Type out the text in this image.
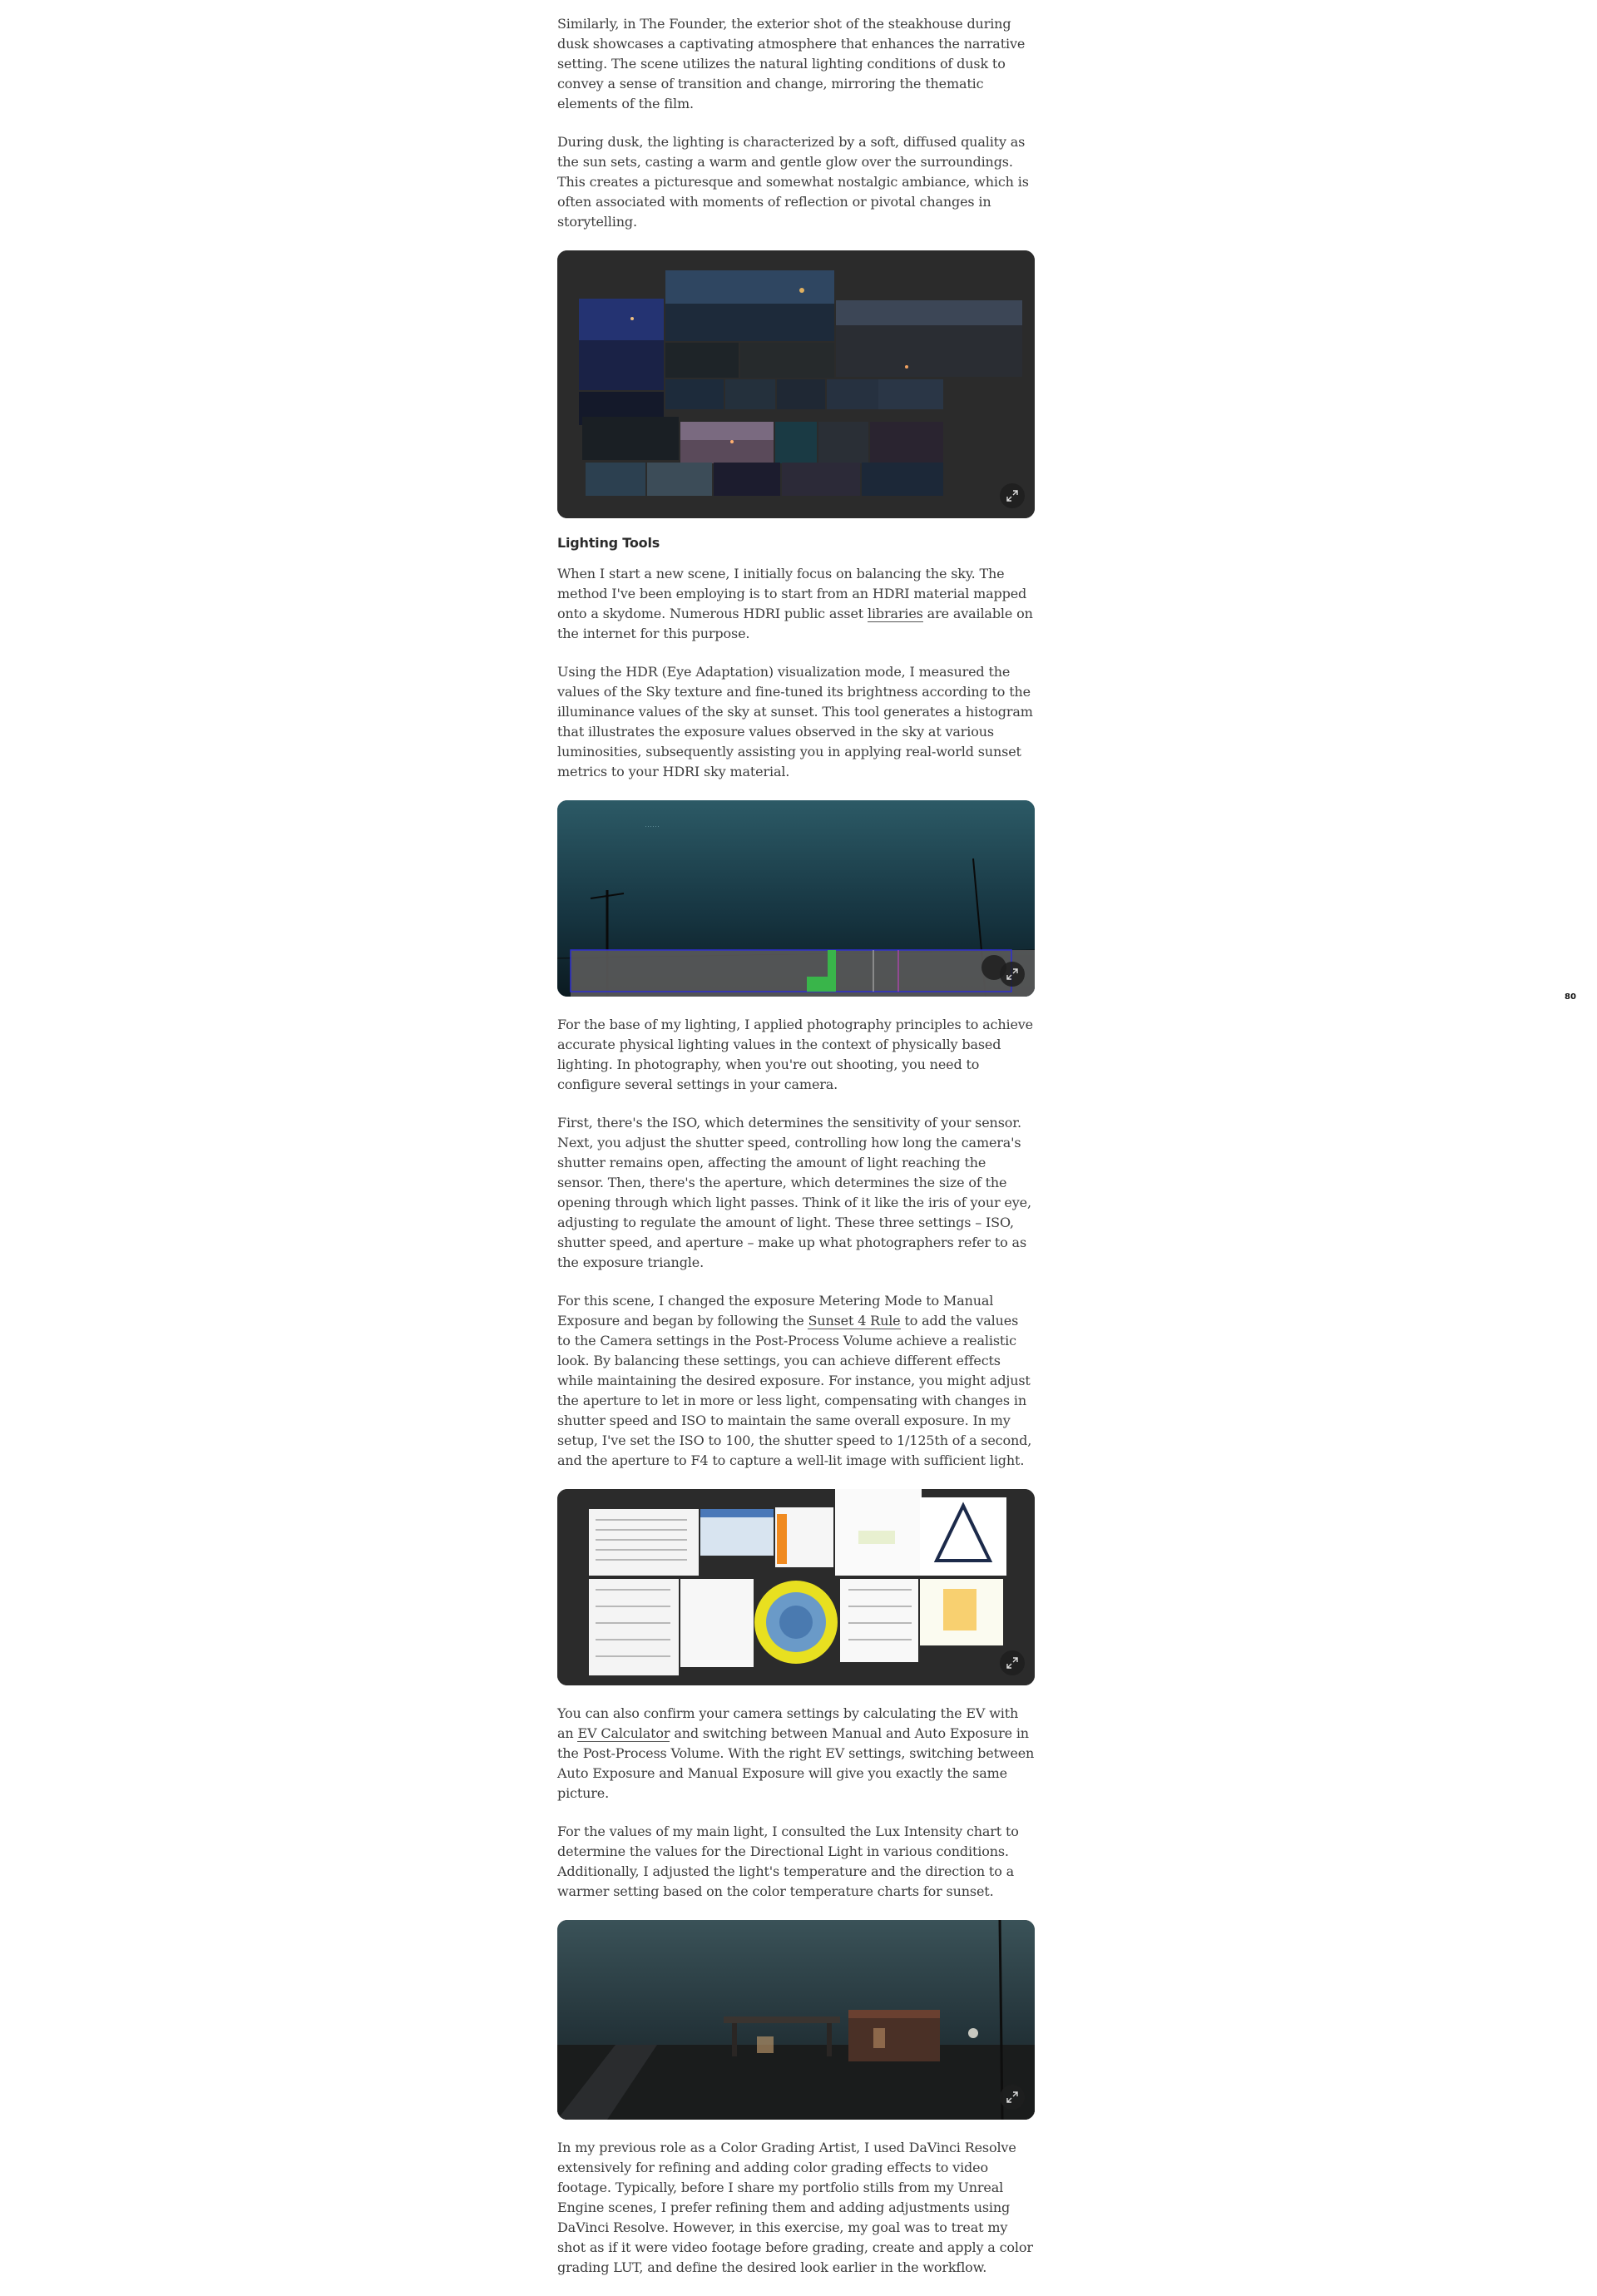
Similarly, in The Founder, the exterior shot of the steakhouse during dusk showcases a captivating atmosphere that enhances the narrative setting. The scene utilizes the natural lighting conditions of dusk to convey a sense of transition and change, mirroring the thematic elements of the film.

During dusk, the lighting is characterized by a soft, diffused quality as the sun sets, casting a warm and gentle glow over the surroundings. This creates a picturesque and somewhat nostalgic ambiance, which is often associated with moments of reflection or pivotal changes in storytelling.

Lighting Tools

When I start a new scene, I initially focus on balancing the sky. The method I've been employing is to start from an HDRI material mapped onto a skydome. Numerous HDRI public asset libraries are available on the internet for this purpose.

Using the HDR (Eye Adaptation) visualization mode, I measured the values of the Sky texture and fine-tuned its brightness according to the illuminance values of the sky at sunset. This tool generates a histogram that illustrates the exposure values observed in the sky at various luminosities, subsequently assisting you in applying real-world sunset metrics to your HDRI sky material.

......

For the base of my lighting, I applied photography principles to achieve accurate physical lighting values in the context of physically based lighting. In photography, when you're out shooting, you need to configure several settings in your camera.

First, there's the ISO, which determines the sensitivity of your sensor. Next, you adjust the shutter speed, controlling how long the camera's shutter remains open, affecting the amount of light reaching the sensor. Then, there's the aperture, which determines the size of the opening through which light passes. Think of it like the iris of your eye, adjusting to regulate the amount of light. These three settings – ISO, shutter speed, and aperture – make up what photographers refer to as the exposure triangle.

For this scene, I changed the exposure Metering Mode to Manual Exposure and began by following the Sunset 4 Rule to add the values to the Camera settings in the Post-Process Volume achieve a realistic look. By balancing these settings, you can achieve different effects while maintaining the desired exposure. For instance, you might adjust the aperture to let in more or less light, compensating with changes in shutter speed and ISO to maintain the same overall exposure. In my setup, I've set the ISO to 100, the shutter speed to 1/125th of a second, and the aperture to F4 to capture a well-lit image with sufficient light.

You can also confirm your camera settings by calculating the EV with an EV Calculator and switching between Manual and Auto Exposure in the Post-Process Volume. With the right EV settings, switching between Auto Exposure and Manual Exposure will give you exactly the same picture.

For the values of my main light, I consulted the Lux Intensity chart to determine the values for the Directional Light in various conditions. Additionally, I adjusted the light's temperature and the direction to a warmer setting based on the color temperature charts for sunset.

In my previous role as a Color Grading Artist, I used DaVinci Resolve extensively for refining and adding color grading effects to video footage. Typically, before I share my portfolio stills from my Unreal Engine scenes, I prefer refining them and adding adjustments using DaVinci Resolve. However, in this exercise, my goal was to treat my shot as if it were video footage before grading, create and apply a color grading LUT, and define the desired look earlier in the workflow.

80
